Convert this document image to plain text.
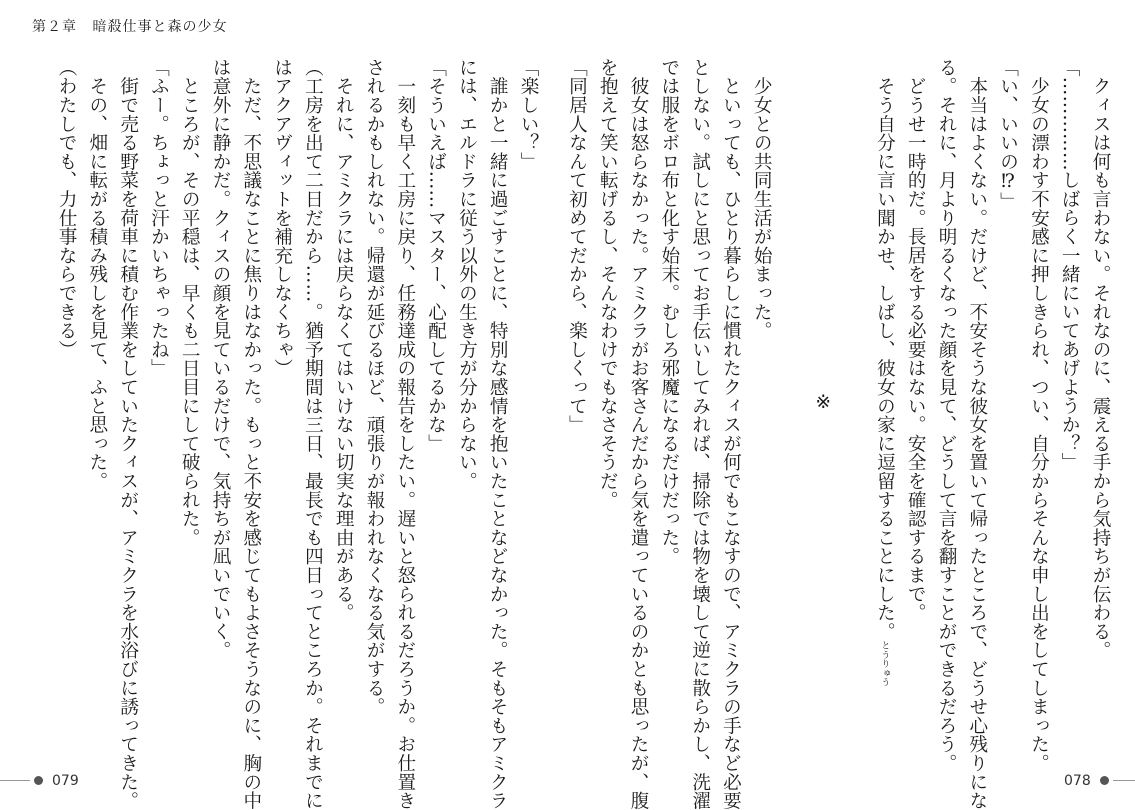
第２章 暗殺仕事と森の少女

「楽しい？」

　誰かと一緒に過ごすことに、特別な感情を抱いたことなどなかった。そもそもアミクラ

には、エルドラに従う以外の生き方が分からない。

「そういえば……マスター、心配してるかな」

　一刻も早く工房に戻り、任務達成の報告をしたい。遅いと怒られるだろうか。お仕置き

されるかもしれない。帰還が延びるほど、頑張りが報われなくなる気がする。

　それに、アミクラには戻らなくてはいけない切実な理由がある。

（工房を出て二日だから……。猶予期間は三日、最長でも四日ってところか。それまでに

はアクアヴィットを補充しなくちゃ）

　ただ、不思議なことに焦りはなかった。もっと不安を感じてもよさそうなのに、胸の中

は意外に静かだ。クィスの顔を見ているだけで、気持ちが凪いでいく。

　ところが、その平穏は、早くも二日目にして破られた。

「ふー。ちょっと汗かいちゃったね」

　街で売る野菜を荷車に積む作業をしていたクィスが、アミクラを水浴びに誘ってきた。

　その、畑に転がる積み残しを見て、ふと思った。

（わたしでも、力仕事ならできる）	　クィスは何も言わない。それなのに、震える手から気持ちが伝わる。

「……………しばらく一緒にいてあげようか？」

　少女の漂わす不安感に押しきられ、つい、自分からそんな申し出をしてしまった。

「い、いいの⁉」

　本当はよくない。だけど、不安そうな彼女を置いて帰ったところで、どうせ心残りにな

る。それに、月より明るくなった顔を見て、どうして言を翻すことができるだろう。

　どうせ一時的だ。長居をする必要はない。安全を確認するまで。

　そう自分に言い聞かせ、しばし、彼女の家に逗留することにした。とうりゅう

※

　少女との共同生活が始まった。

　といっても、ひとり暮らしに慣れたクィスが何でもこなすので、アミクラの手など必要

としない。試しにと思ってお手伝いしてみれば、掃除では物を壊して逆に散らかし、洗濯

では服をボロ布と化す始末。むしろ邪魔になるだけだった。

　彼女は怒らなかった。アミクラがお客さんだから気を遣っているのかとも思ったが、腹

を抱えて笑い転げるし、そんなわけでもなさそうだ。

「同居人なんて初めてだから、楽しくって」

079	078
